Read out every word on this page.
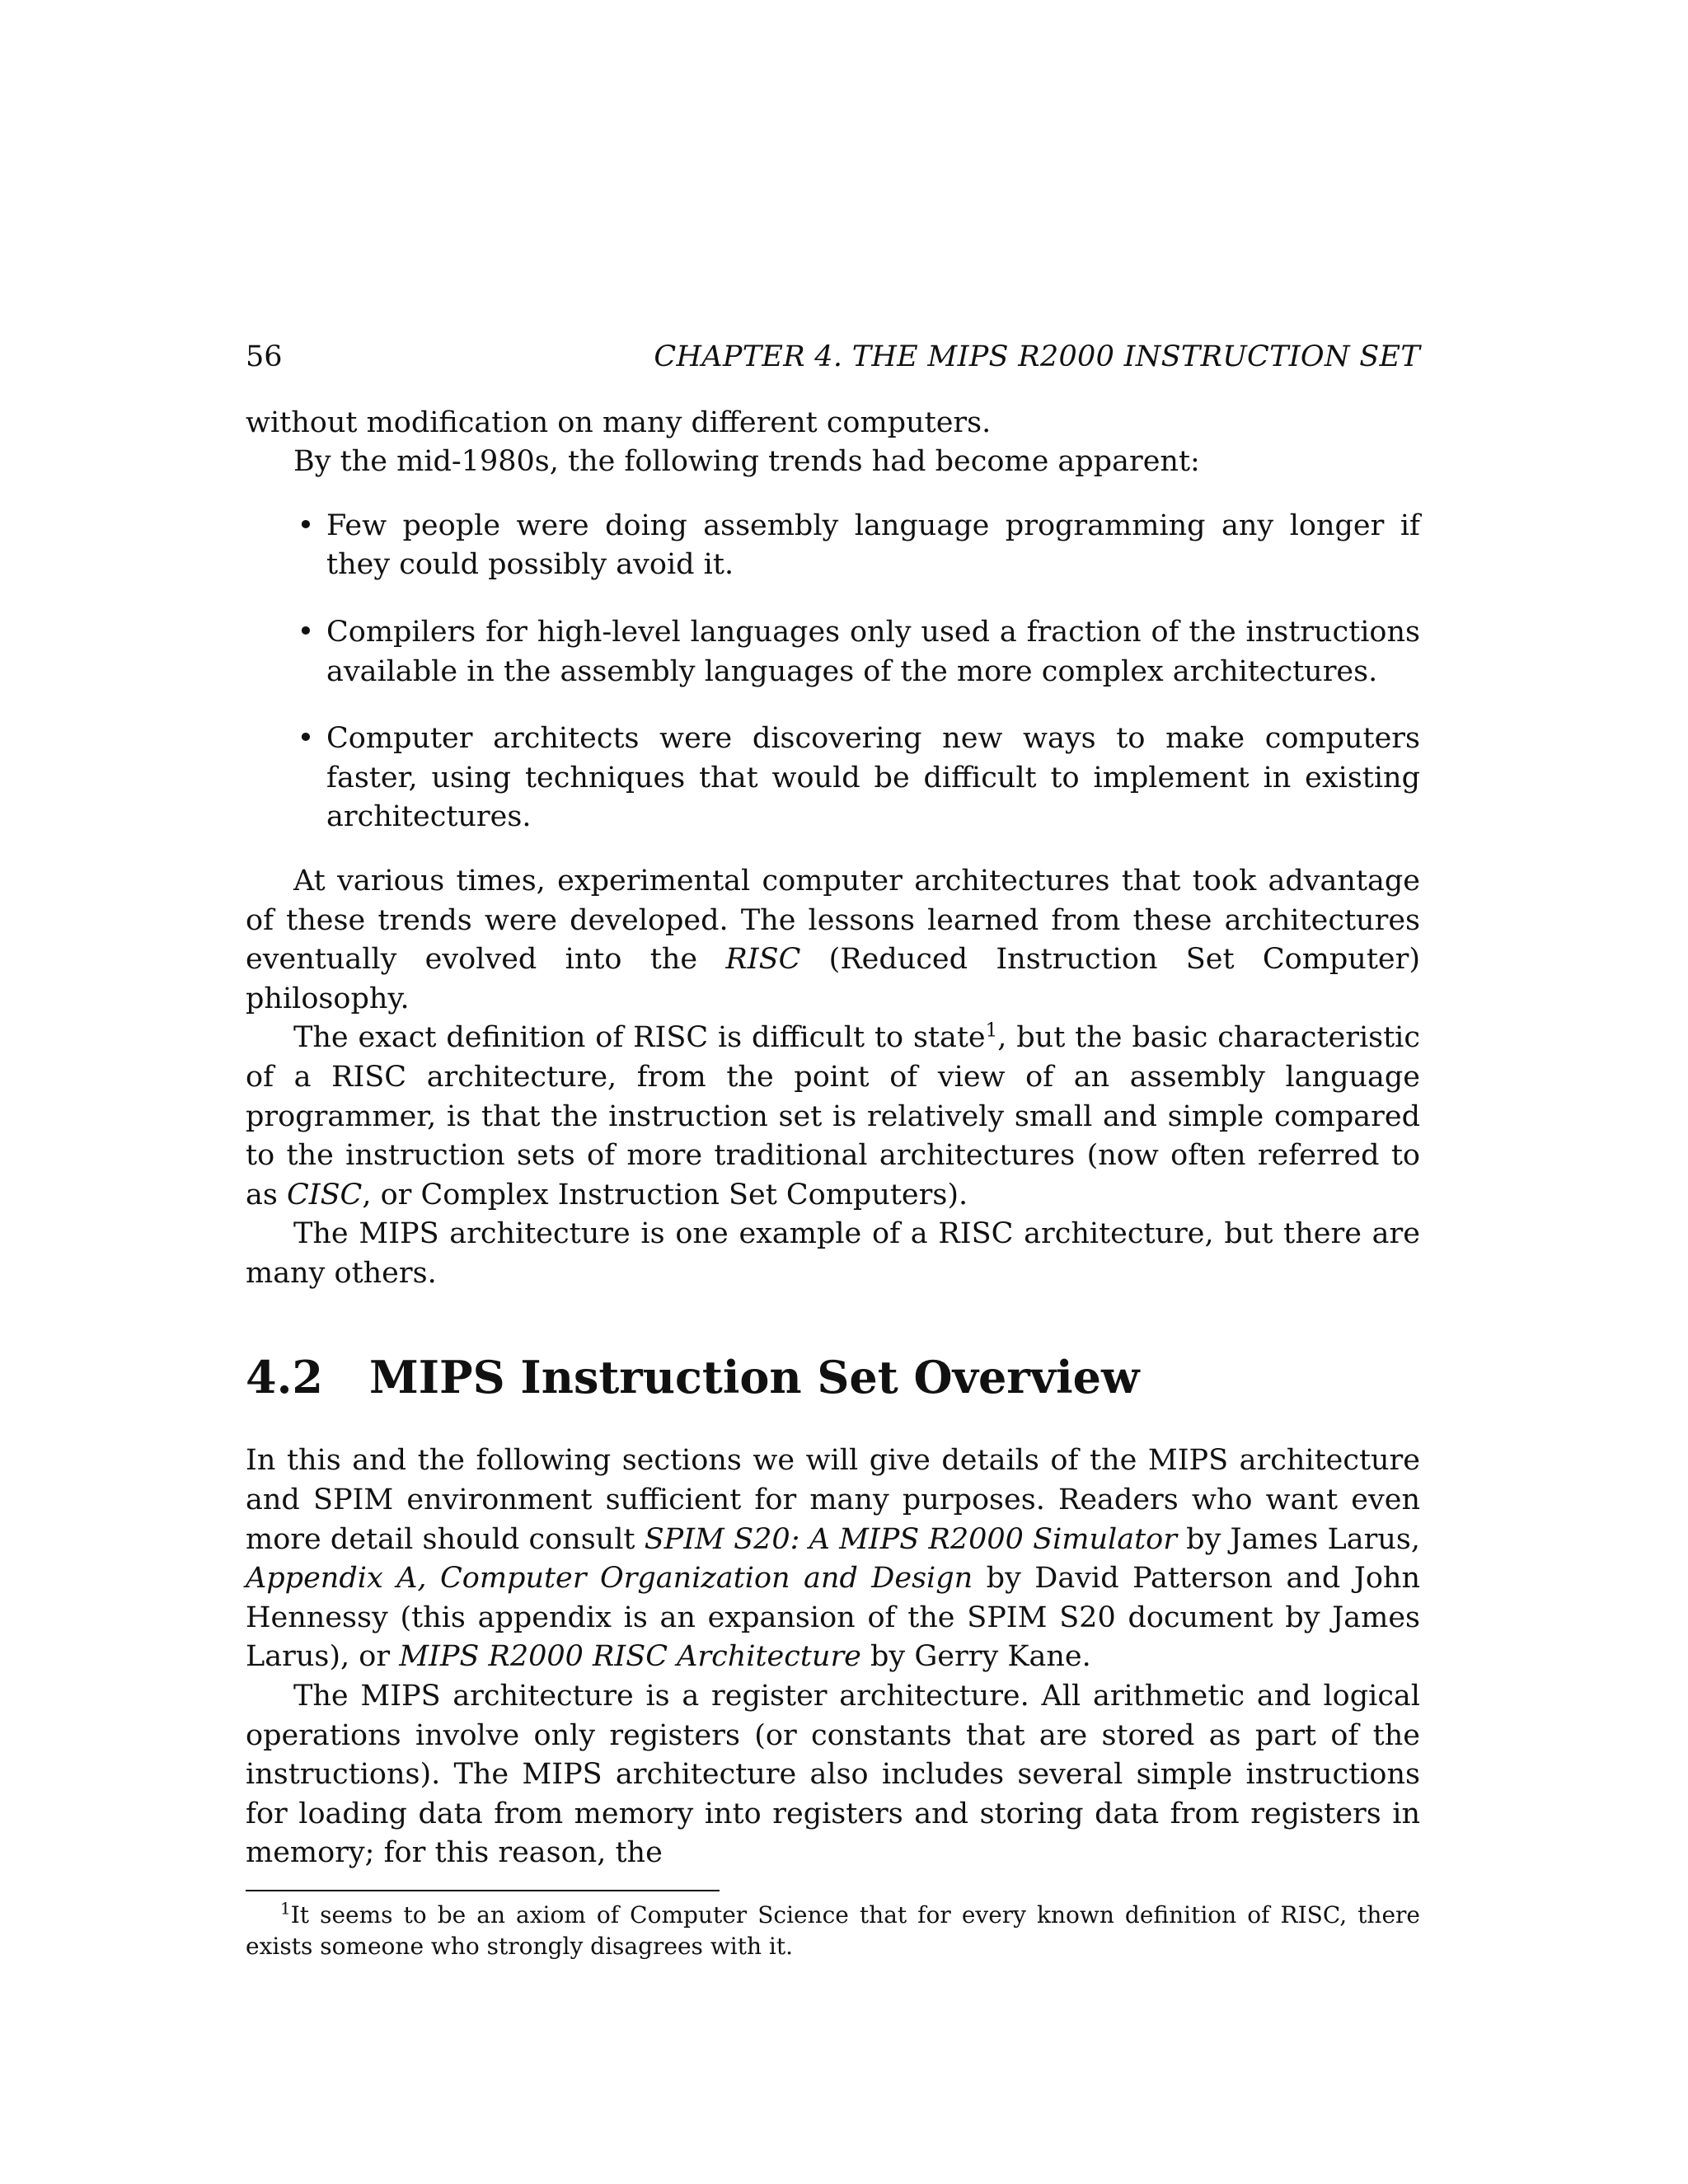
56	CHAPTER 4. THE MIPS R2000 INSTRUCTION SET

without modification on many different computers.

By the mid-1980s, the following trends had become apparent:

• Few people were doing assembly language programming any longer if they could possibly avoid it.
• Compilers for high-level languages only used a fraction of the instructions available in the assembly languages of the more complex architectures.
• Computer architects were discovering new ways to make computers faster, using techniques that would be difficult to implement in existing architectures.

At various times, experimental computer architectures that took advantage of these trends were developed. The lessons learned from these architectures eventually evolved into the RISC (Reduced Instruction Set Computer) philosophy.

The exact definition of RISC is difficult to state$^1$, but the basic characteristic of a RISC architecture, from the point of view of an assembly language programmer, is that the instruction set is relatively small and simple compared to the instruction sets of more traditional architectures (now often referred to as CISC, or Complex Instruction Set Computers).

The MIPS architecture is one example of a RISC architecture, but there are many others.

4.2	MIPS Instruction Set Overview

In this and the following sections we will give details of the MIPS architecture and SPIM environment sufficient for many purposes. Readers who want even more detail should consult SPIM S20: A MIPS R2000 Simulator by James Larus, Appendix A, Computer Organization and Design by David Patterson and John Hennessy (this appendix is an expansion of the SPIM S20 document by James Larus), or MIPS R2000 RISC Architecture by Gerry Kane.

The MIPS architecture is a register architecture. All arithmetic and logical operations involve only registers (or constants that are stored as part of the instructions). The MIPS architecture also includes several simple instructions for loading data from memory into registers and storing data from registers in memory; for this reason, the

$^1$It seems to be an axiom of Computer Science that for every known definition of RISC, there exists someone who strongly disagrees with it.
